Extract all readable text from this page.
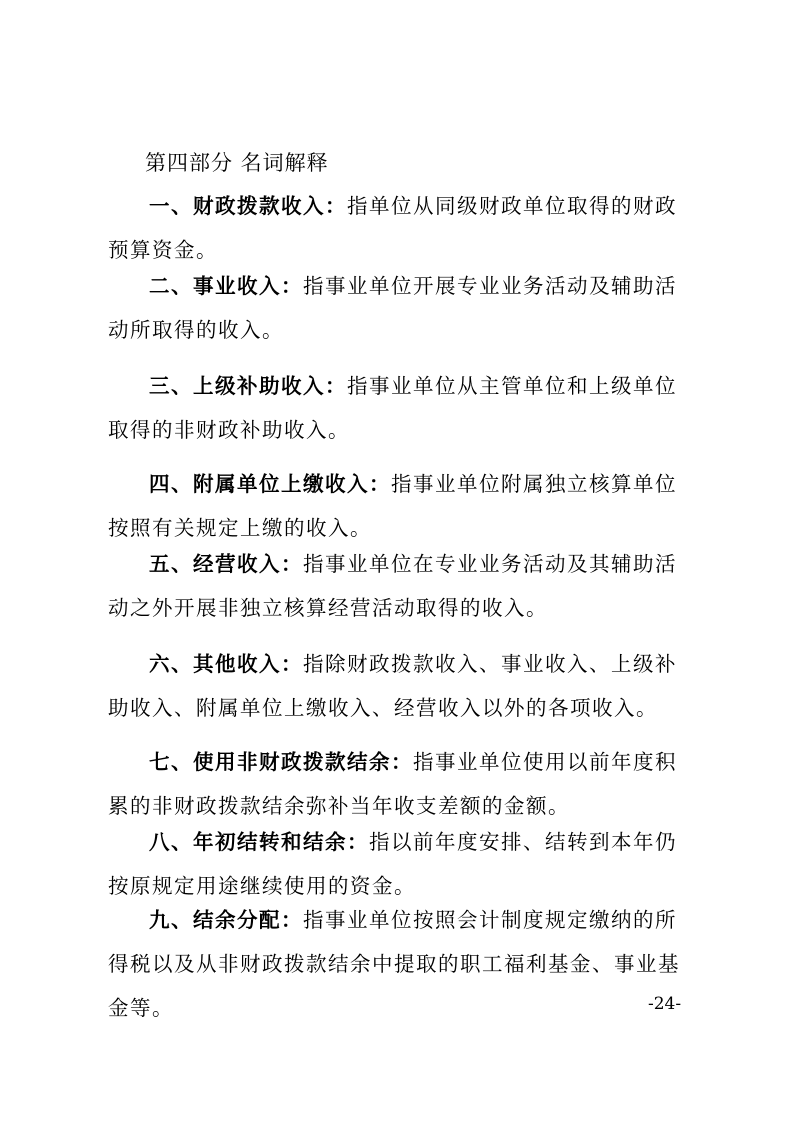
第四部分 名词解释

一、财政拨款收入：指单位从同级财政单位取得的财政预算资金。

二、事业收入：指事业单位开展专业业务活动及辅助活动所取得的收入。

三、上级补助收入：指事业单位从主管单位和上级单位取得的非财政补助收入。

四、附属单位上缴收入：指事业单位附属独立核算单位按照有关规定上缴的收入。

五、经营收入：指事业单位在专业业务活动及其辅助活动之外开展非独立核算经营活动取得的收入。

六、其他收入：指除财政拨款收入、事业收入、上级补助收入、附属单位上缴收入、经营收入以外的各项收入。

七、使用非财政拨款结余：指事业单位使用以前年度积累的非财政拨款结余弥补当年收支差额的金额。

八、年初结转和结余：指以前年度安排、结转到本年仍按原规定用途继续使用的资金。

九、结余分配：指事业单位按照会计制度规定缴纳的所得税以及从非财政拨款结余中提取的职工福利基金、事业基金等。	-24-
